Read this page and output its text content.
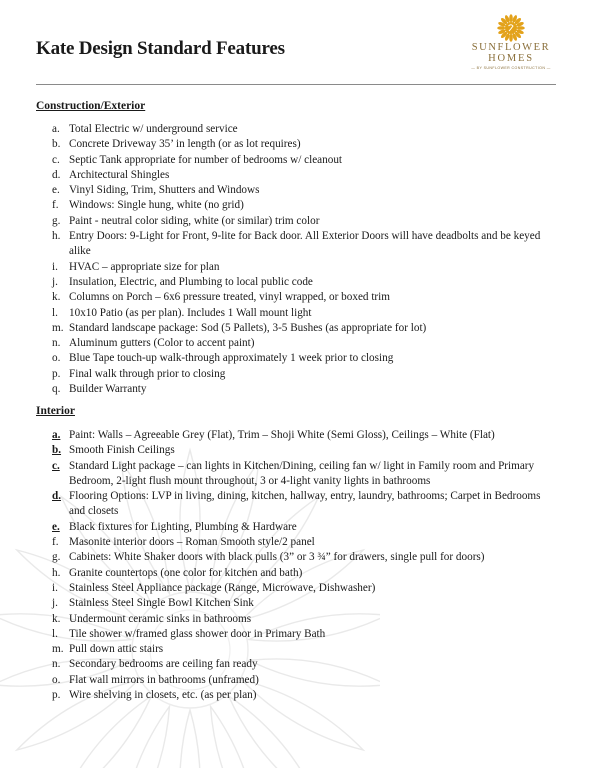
Kate Design Standard Features	SUNFLOWER
HOMES
— BY SUNFLOWER CONSTRUCTION —
Construction/Exterior
a. Total Electric w/ underground service
b. Concrete Driveway 35’ in length (or as lot requires)
c. Septic Tank appropriate for number of bedrooms w/ cleanout
d. Architectural Shingles
e. Vinyl Siding, Trim, Shutters and Windows
f. Windows: Single hung, white (no grid)
g. Paint - neutral color siding, white (or similar) trim color
h. Entry Doors: 9-Light for Front, 9-lite for Back door. All Exterior Doors will have deadbolts and be keyed alike
i. HVAC – appropriate size for plan
j. Insulation, Electric, and Plumbing to local public code
k. Columns on Porch – 6x6 pressure treated, vinyl wrapped, or boxed trim
l. 10x10 Patio (as per plan). Includes 1 Wall mount light
m. Standard landscape package: Sod (5 Pallets), 3-5 Bushes (as appropriate for lot)
n. Aluminum gutters (Color to accent paint)
o. Blue Tape touch-up walk-through approximately 1 week prior to closing
p. Final walk through prior to closing
q. Builder Warranty
Interior
a. Paint: Walls – Agreeable Grey (Flat), Trim – Shoji White (Semi Gloss), Ceilings – White (Flat)
b. Smooth Finish Ceilings
c. Standard Light package – can lights in Kitchen/Dining, ceiling fan w/ light in Family room and Primary Bedroom, 2-light flush mount throughout, 3 or 4-light vanity lights in bathrooms
d. Flooring Options: LVP in living, dining, kitchen, hallway, entry, laundry, bathrooms; Carpet in Bedrooms and closets
e. Black fixtures for Lighting, Plumbing & Hardware
f. Masonite interior doors – Roman Smooth style/2 panel
g. Cabinets: White Shaker doors with black pulls (3” or 3 ¾” for drawers, single pull for doors)
h. Granite countertops (one color for kitchen and bath)
i. Stainless Steel Appliance package (Range, Microwave, Dishwasher)
j. Stainless Steel Single Bowl Kitchen Sink
k. Undermount ceramic sinks in bathrooms
l. Tile shower w/framed glass shower door in Primary Bath
m. Pull down attic stairs
n. Secondary bedrooms are ceiling fan ready
o. Flat wall mirrors in bathrooms (unframed)
p. Wire shelving in closets, etc. (as per plan)
